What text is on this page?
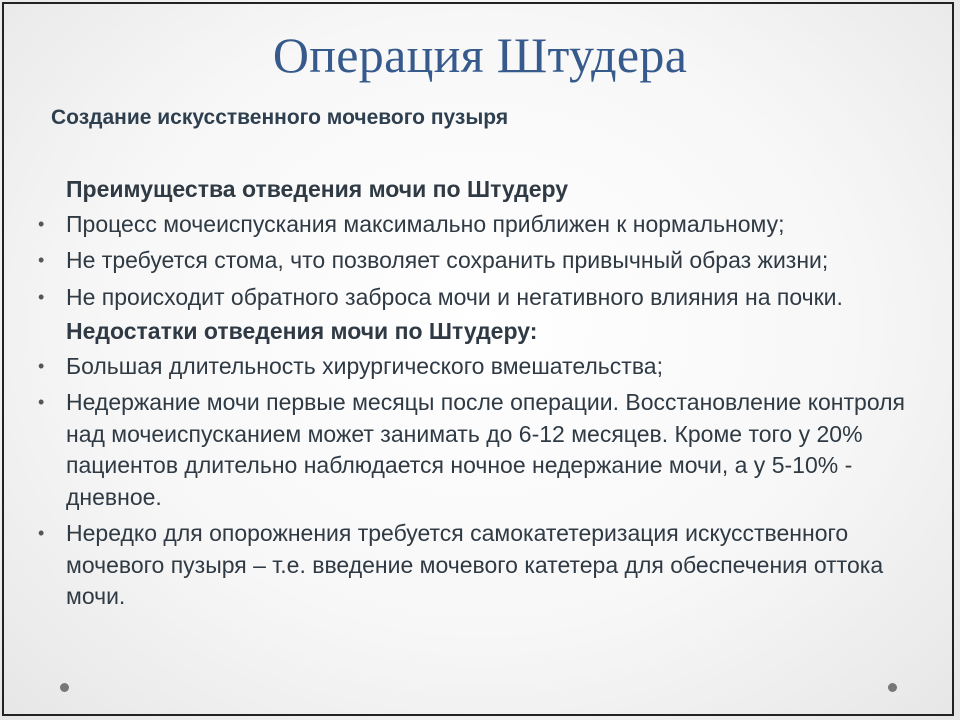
Операция Штудера
Создание искусственного мочевого пузыря

Преимущества отведения мочи по Штудеру

• Процесс мочеиспускания максимально приближен к нормальному;
• Не требуется стома, что позволяет сохранить привычный образ жизни;
• Не происходит обратного заброса мочи и негативного влияния на почки.

Недостатки отведения мочи по Штудеру:

• Большая длительность хирургического вмешательства;
• Недержание мочи первые месяцы после операции. Восстановление контроля над мочеиспусканием может занимать до 6-12 месяцев. Кроме того у 20% пациентов длительно наблюдается ночное недержание мочи, а у 5-10% - дневное.
• Нередко для опорожнения требуется самокатетеризация искусственного мочевого пузыря – т.е. введение мочевого катетера для обеспечения оттока мочи.
